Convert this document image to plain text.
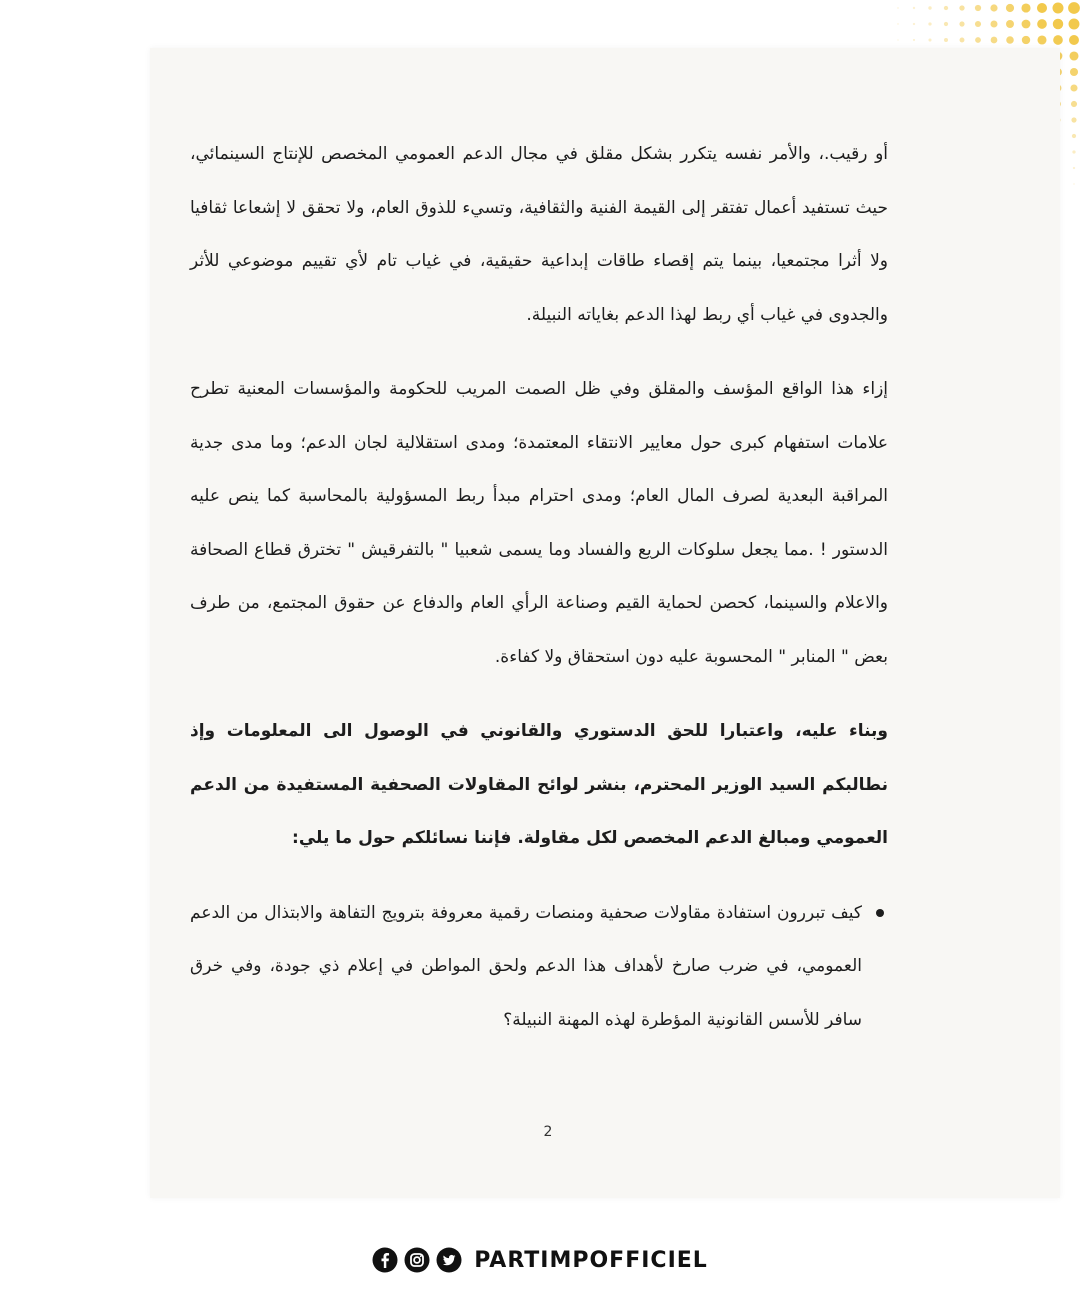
أو رقيب.، والأمر نفسه يتكرر بشكل مقلق في مجال الدعم العمومي المخصص للإنتاج السينمائي، حيث تستفيد أعمال تفتقر إلى القيمة الفنية والثقافية، وتسيء للذوق العام، ولا تحقق لا إشعاعا ثقافيا ولا أثرا مجتمعيا، بينما يتم إقصاء طاقات إبداعية حقيقية، في غياب تام لأي تقييم موضوعي للأثر والجدوى في غياب أي ربط لهذا الدعم بغاياته النبيلة.

إزاء هذا الواقع المؤسف والمقلق وفي ظل الصمت المريب للحكومة والمؤسسات المعنية تطرح علامات استفهام كبرى حول معايير الانتقاء المعتمدة؛ ومدى استقلالية لجان الدعم؛ وما مدى جدية المراقبة البعدية لصرف المال العام؛ ومدى احترام مبدأ ربط المسؤولية بالمحاسبة كما ينص عليه الدستور ! .مما يجعل سلوكات الريع والفساد وما يسمى شعبيا " بالتفرقيش " تخترق قطاع الصحافة والاعلام والسينما، كحصن لحماية القيم وصناعة الرأي العام والدفاع عن حقوق المجتمع، من طرف بعض " المنابر " المحسوبة عليه دون استحقاق ولا كفاءة.

وبناء عليه، واعتبارا للحق الدستوري والقانوني في الوصول الى المعلومات وإذ نطالبكم السيد الوزير المحترم، بنشر لوائح المقاولات الصحفية المستفيدة من الدعم العمومي ومبالغ الدعم المخصص لكل مقاولة. فإننا نسائلكم حول ما يلي:

كيف تبررون استفادة مقاولات صحفية ومنصات رقمية معروفة بترويج التفاهة والابتذال من الدعم العمومي، في ضرب صارخ لأهداف هذا الدعم ولحق المواطن في إعلام ذي جودة، وفي خرق سافر للأسس القانونية المؤطرة لهذه المهنة النبيلة؟

2
PARTIMPOFFICIEL
